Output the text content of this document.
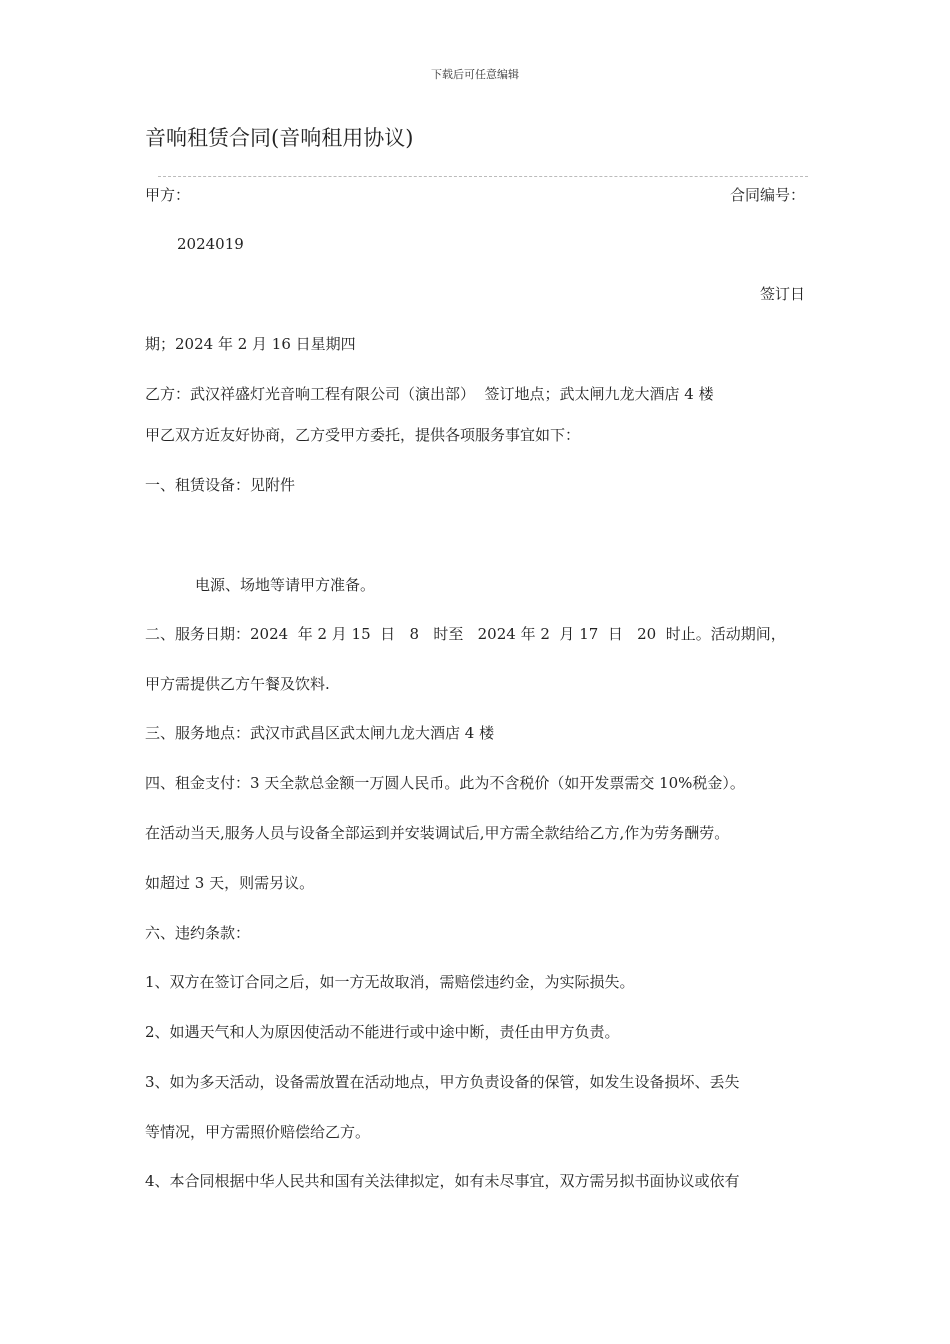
下载后可任意编辑
音响租赁合同(音响租用协议)
甲方：	合同编号：
2024019
签订日
期；2024 年 2 月 16 日星期四
乙方：武汉祥盛灯光音响工程有限公司（演出部）  签订地点；武太闸九龙大酒店 4 楼
甲乙双方近友好协商，乙方受甲方委托，提供各项服务事宜如下：
一、租赁设备：见附件
电源、场地等请甲方准备。
二、服务日期：2024  年 2 月 15  日   8   时至   2024 年 2  月 17  日   20  时止。活动期间，
甲方需提供乙方午餐及饮料.
三、服务地点：武汉市武昌区武太闸九龙大酒店 4 楼
四、租金支付：3 天全款总金额一万圆人民币。此为不含税价（如开发票需交 10%税金）。
在活动当天,服务人员与设备全部运到并安装调试后,甲方需全款结给乙方,作为劳务酬劳。
如超过 3 天，则需另议。
六、违约条款：
1、双方在签订合同之后，如一方无故取消，需赔偿违约金，为实际损失。
2、如遇天气和人为原因使活动不能进行或中途中断，责任由甲方负责。
3、如为多天活动，设备需放置在活动地点，甲方负责设备的保管，如发生设备损坏、丢失
等情况，甲方需照价赔偿给乙方。
4、本合同根据中华人民共和国有关法律拟定，如有未尽事宜，双方需另拟书面协议或依有
